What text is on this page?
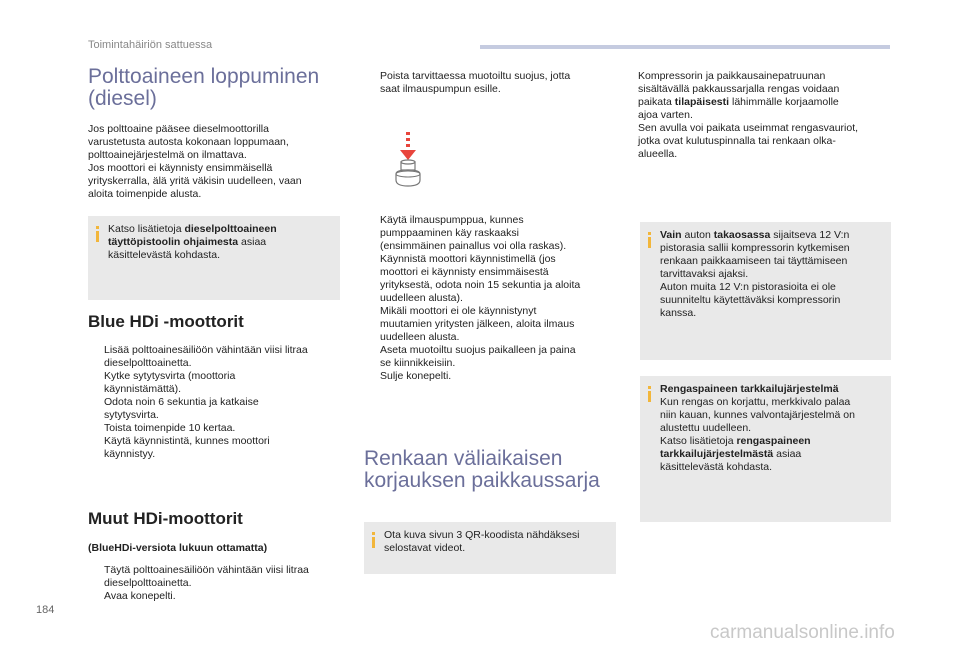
Toimintahäiriön sattuessa
184
carmanualsonline.info
Polttoaineen loppuminen
(diesel)
Jos polttoaine pääsee dieselmoottorilla
varustetusta autosta kokonaan loppumaan,
polttoainejärjestelmä on ilmattava.
Jos moottori ei käynnisty ensimmäisellä
yrityskerralla, älä yritä väkisin uudelleen, vaan
aloita toimenpide alusta.
Katso lisätietoja dieselpolttoaineen
täyttöpistoolin ohjaimesta asiaa
käsittelevästä kohdasta.
Blue HDi -moottorit
Lisää polttoainesäiliöön vähintään viisi litraa
dieselpolttoainetta.
Kytke sytytysvirta (moottoria
käynnistämättä).
Odota noin 6 sekuntia ja katkaise
sytytysvirta.
Toista toimenpide 10 kertaa.
Käytä käynnistintä, kunnes moottori
käynnistyy.
Muut HDi-moottorit
(BlueHDi-versiota lukuun ottamatta)
Täytä polttoainesäiliöön vähintään viisi litraa
dieselpolttoainetta.
Avaa konepelti.
Poista tarvittaessa muotoiltu suojus, jotta
saat ilmauspumpun esille.
Käytä ilmauspumppua, kunnes
pumppaaminen käy raskaaksi
(ensimmäinen painallus voi olla raskas).
Käynnistä moottori käynnistimellä (jos
moottori ei käynnisty ensimmäisestä
yrityksestä, odota noin 15 sekuntia ja aloita
uudelleen alusta).
Mikäli moottori ei ole käynnistynyt
muutamien yritysten jälkeen, aloita ilmaus
uudelleen alusta.
Aseta muotoiltu suojus paikalleen ja paina
se kiinnikkeisiin.
Sulje konepelti.
Renkaan väliaikaisen
korjauksen paikkaussarja
Ota kuva sivun 3 QR-koodista nähdäksesi
selostavat videot.
Kompressorin ja paikkausainepatruunan
sisältävällä pakkaussarjalla rengas voidaan
paikata tilapäisesti lähimmälle korjaamolle
ajoa varten.
Sen avulla voi paikata useimmat rengasvauriot,
jotka ovat kulutuspinnalla tai renkaan olka-
alueella.
Vain auton takaosassa sijaitseva 12 V:n
pistorasia sallii kompressorin kytkemisen
renkaan paikkaamiseen tai täyttämiseen
tarvittavaksi ajaksi.
Auton muita 12 V:n pistorasioita ei ole
suunniteltu käytettäväksi kompressorin
kanssa.
Rengaspaineen tarkkailujärjestelmä
Kun rengas on korjattu, merkkivalo palaa
niin kauan, kunnes valvontajärjestelmä on
alustettu uudelleen.
Katso lisätietoja rengaspaineen
tarkkailujärjestelmästä asiaa
käsittelevästä kohdasta.
